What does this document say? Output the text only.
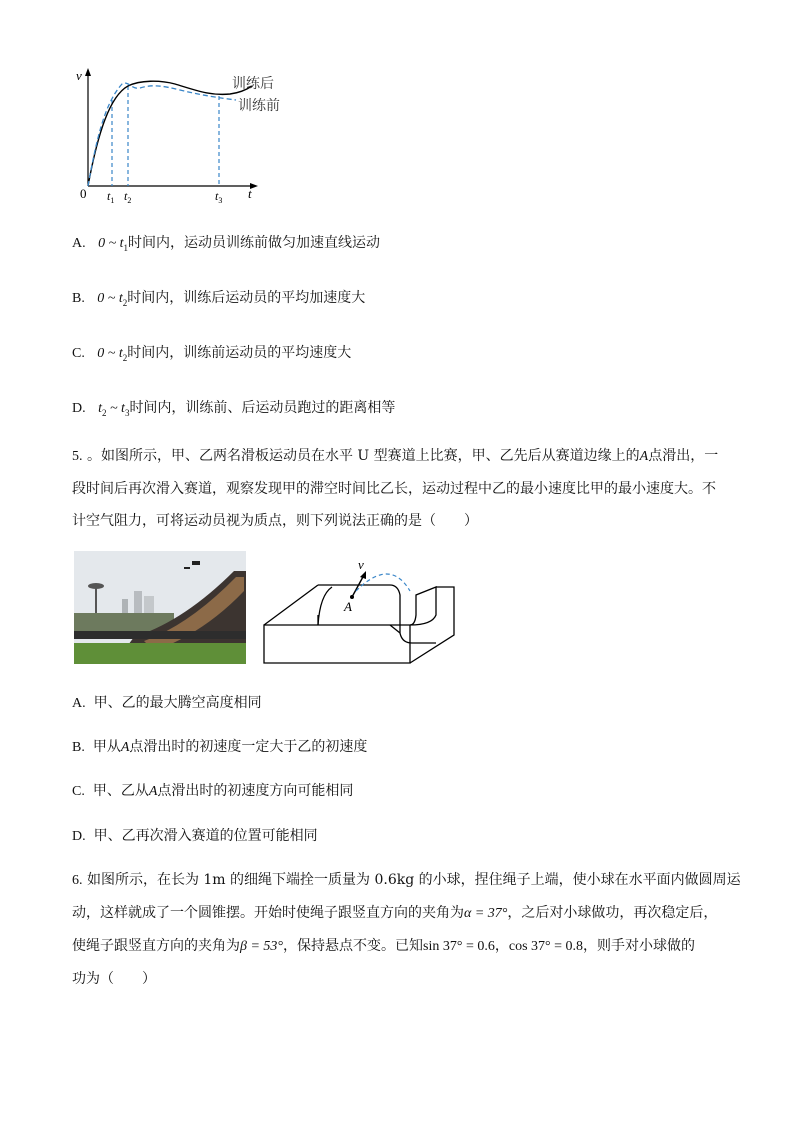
v
0	t
$t_1$ $t_2$	$t_3$
训练后
训练前
A. 0 ~ $t_1$时间内，运动员训练前做匀加速直线运动
B. 0 ~ $t_2$时间内，训练后运动员的平均加速度大
C. 0 ~ $t_2$时间内，训练前运动员的平均速度大
D. $t_2$ ~ $t_3$时间内，训练前、后运动员跑过的距离相等
5. 。如图所示，甲、乙两名滑板运动员在水平 U 型赛道上比赛，甲、乙先后从赛道边缘上的A点滑出，一
段时间后再次滑入赛道，观察发现甲的滞空时间比乙长，运动过程中乙的最小速度比甲的最小速度大。不
计空气阻力，可将运动员视为质点，则下列说法正确的是（　　）
v
A
A. 甲、乙的最大腾空高度相同
B. 甲从A点滑出时的初速度一定大于乙的初速度
C. 甲、乙从A点滑出时的初速度方向可能相同
D. 甲、乙再次滑入赛道的位置可能相同
6. 如图所示，在长为 1m 的细绳下端拴一质量为 0.6kg 的小球，捏住绳子上端，使小球在水平面内做圆周运
动，这样就成了一个圆锥摆。开始时使绳子跟竖直方向的夹角为α = 37°，之后对小球做功，再次稳定后，
使绳子跟竖直方向的夹角为β = 53°，保持悬点不变。已知sin 37° = 0.6，cos 37° = 0.8，则手对小球做的
功为（　　）
